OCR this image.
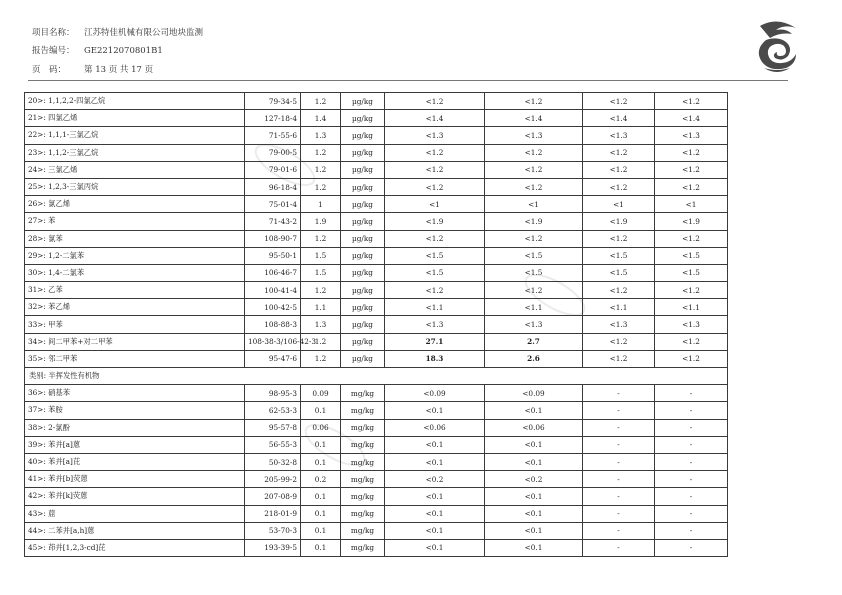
项目名称： 江苏特佳机械有限公司地块监测
报告编号： GE2212070801B1
页　码： 第 13 页 共 17 页
20>: 1,1,2,2-四氯乙烷	79-34-5	1.2	µg/kg	<1.2	<1.2	<1.2	<1.2
21>: 四氯乙烯	127-18-4	1.4	µg/kg	<1.4	<1.4	<1.4	<1.4
22>: 1,1,1-三氯乙烷	71-55-6	1.3	µg/kg	<1.3	<1.3	<1.3	<1.3
23>: 1,1,2-三氯乙烷	79-00-5	1.2	µg/kg	<1.2	<1.2	<1.2	<1.2
24>: 三氯乙烯	79-01-6	1.2	µg/kg	<1.2	<1.2	<1.2	<1.2
25>: 1,2,3-三氯丙烷	96-18-4	1.2	µg/kg	<1.2	<1.2	<1.2	<1.2
26>: 氯乙烯	75-01-4	1	µg/kg	<1	<1	<1	<1
27>: 苯	71-43-2	1.9	µg/kg	<1.9	<1.9	<1.9	<1.9
28>: 氯苯	108-90-7	1.2	µg/kg	<1.2	<1.2	<1.2	<1.2
29>: 1,2-二氯苯	95-50-1	1.5	µg/kg	<1.5	<1.5	<1.5	<1.5
30>: 1,4-二氯苯	106-46-7	1.5	µg/kg	<1.5	<1.5	<1.5	<1.5
31>: 乙苯	100-41-4	1.2	µg/kg	<1.2	<1.2	<1.2	<1.2
32>: 苯乙烯	100-42-5	1.1	µg/kg	<1.1	<1.1	<1.1	<1.1
33>: 甲苯	108-88-3	1.3	µg/kg	<1.3	<1.3	<1.3	<1.3
34>: 间二甲苯+对二甲苯	108-38-3/106-42-3	1.2	µg/kg	27.1	2.7	<1.2	<1.2
35>: 邻二甲苯	95-47-6	1.2	µg/kg	18.3	2.6	<1.2	<1.2
类别: 半挥发性有机物							
36>: 硝基苯	98-95-3	0.09	mg/kg	<0.09	<0.09	-	-
37>: 苯胺	62-53-3	0.1	mg/kg	<0.1	<0.1	-	-
38>: 2-氯酚	95-57-8	0.06	mg/kg	<0.06	<0.06	-	-
39>: 苯并[a]蒽	56-55-3	0.1	mg/kg	<0.1	<0.1	-	-
40>: 苯并[a]芘	50-32-8	0.1	mg/kg	<0.1	<0.1	-	-
41>: 苯并[b]荧蒽	205-99-2	0.2	mg/kg	<0.2	<0.2	-	-
42>: 苯并[k]荧蒽	207-08-9	0.1	mg/kg	<0.1	<0.1	-	-
43>: 䓛	218-01-9	0.1	mg/kg	<0.1	<0.1	-	-
44>: 二苯并[a,h]蒽	53-70-3	0.1	mg/kg	<0.1	<0.1	-	-
45>: 茚并[1,2,3-cd]芘	193-39-5	0.1	mg/kg	<0.1	<0.1	-	-
